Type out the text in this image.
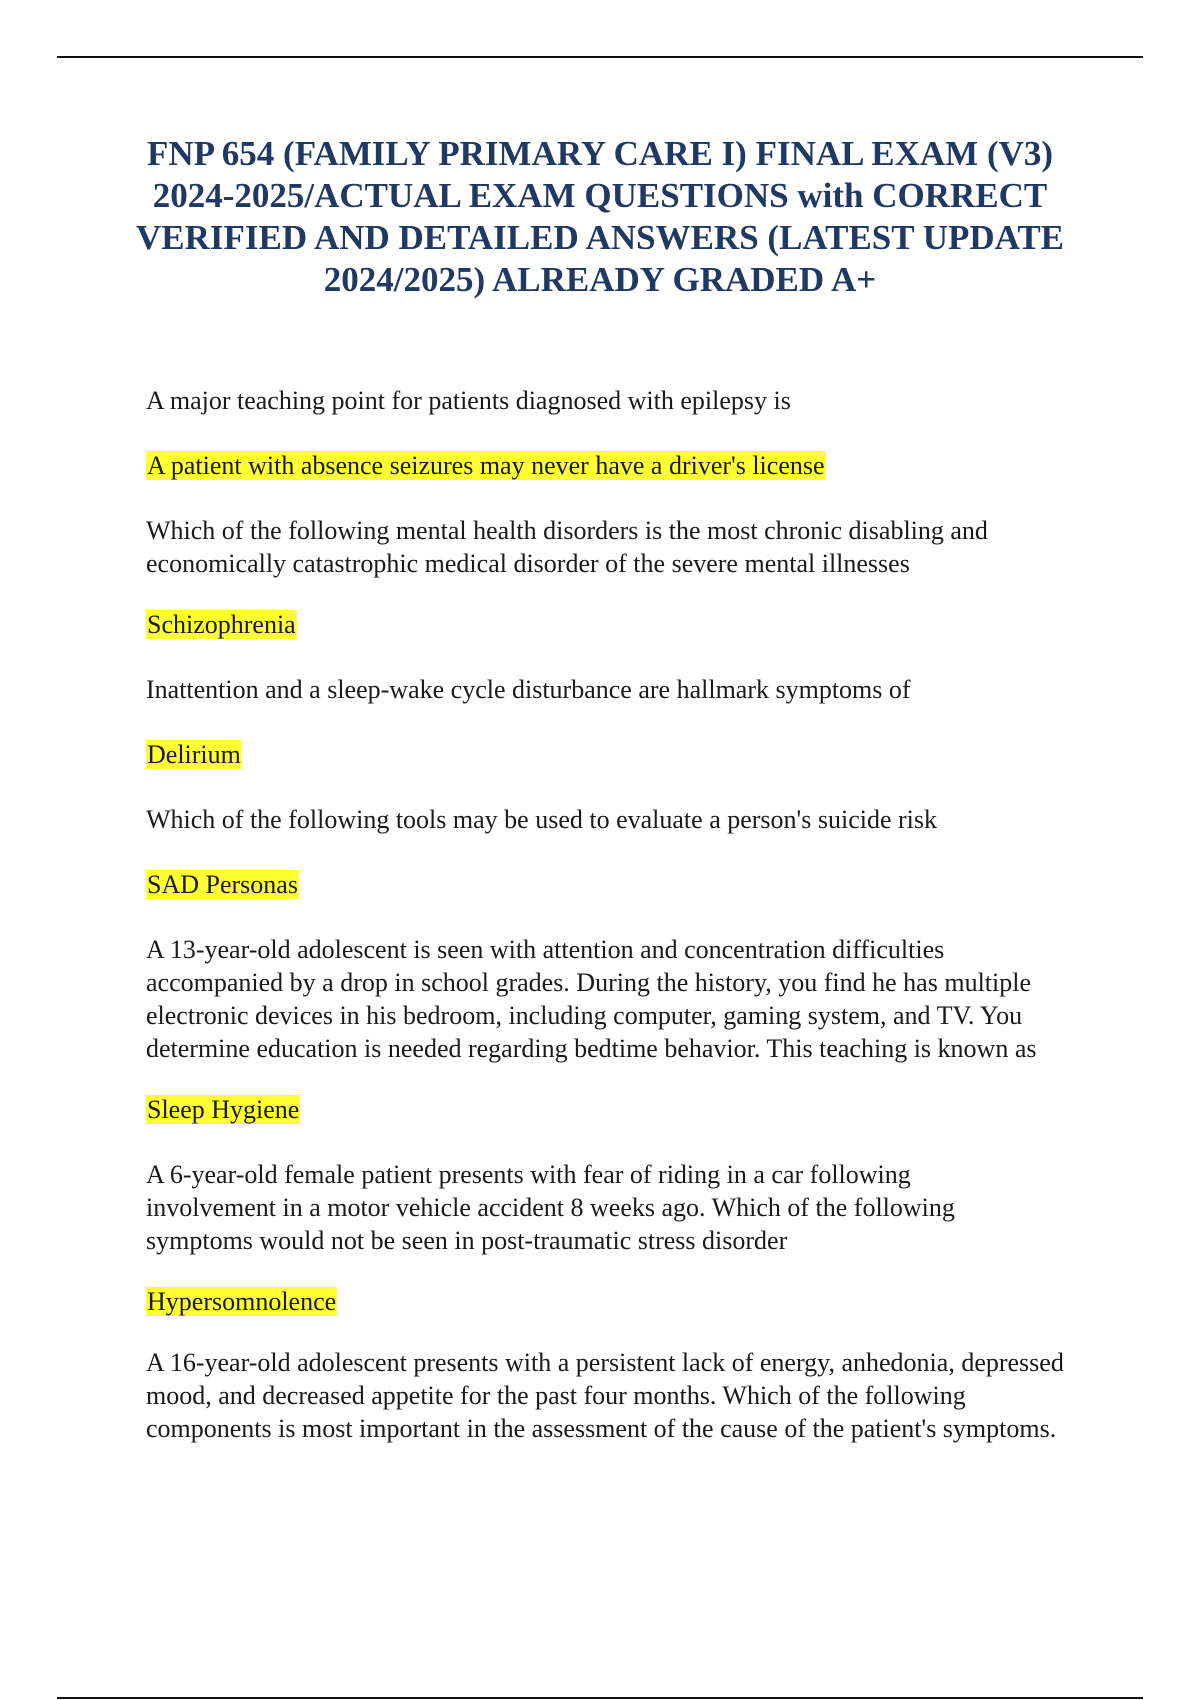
FNP 654 (FAMILY PRIMARY CARE I) FINAL EXAM (V3) 2024-2025/ACTUAL EXAM QUESTIONS with CORRECT VERIFIED AND DETAILED ANSWERS (LATEST UPDATE 2024/2025) ALREADY GRADED A+

A major teaching point for patients diagnosed with epilepsy is

A patient with absence seizures may never have a driver's license

Which of the following mental health disorders is the most chronic disabling and economically catastrophic medical disorder of the severe mental illnesses

Schizophrenia

Inattention and a sleep-wake cycle disturbance are hallmark symptoms of

Delirium

Which of the following tools may be used to evaluate a person's suicide risk

SAD Personas

A 13-year-old adolescent is seen with attention and concentration difficulties accompanied by a drop in school grades. During the history, you find he has multiple electronic devices in his bedroom, including computer, gaming system, and TV. You determine education is needed regarding bedtime behavior. This teaching is known as

Sleep Hygiene

A 6-year-old female patient presents with fear of riding in a car following involvement in a motor vehicle accident 8 weeks ago. Which of the following symptoms would not be seen in post-traumatic stress disorder

Hypersomnolence

A 16-year-old adolescent presents with a persistent lack of energy, anhedonia, depressed mood, and decreased appetite for the past four months. Which of the following components is most important in the assessment of the cause of the patient's symptoms.
